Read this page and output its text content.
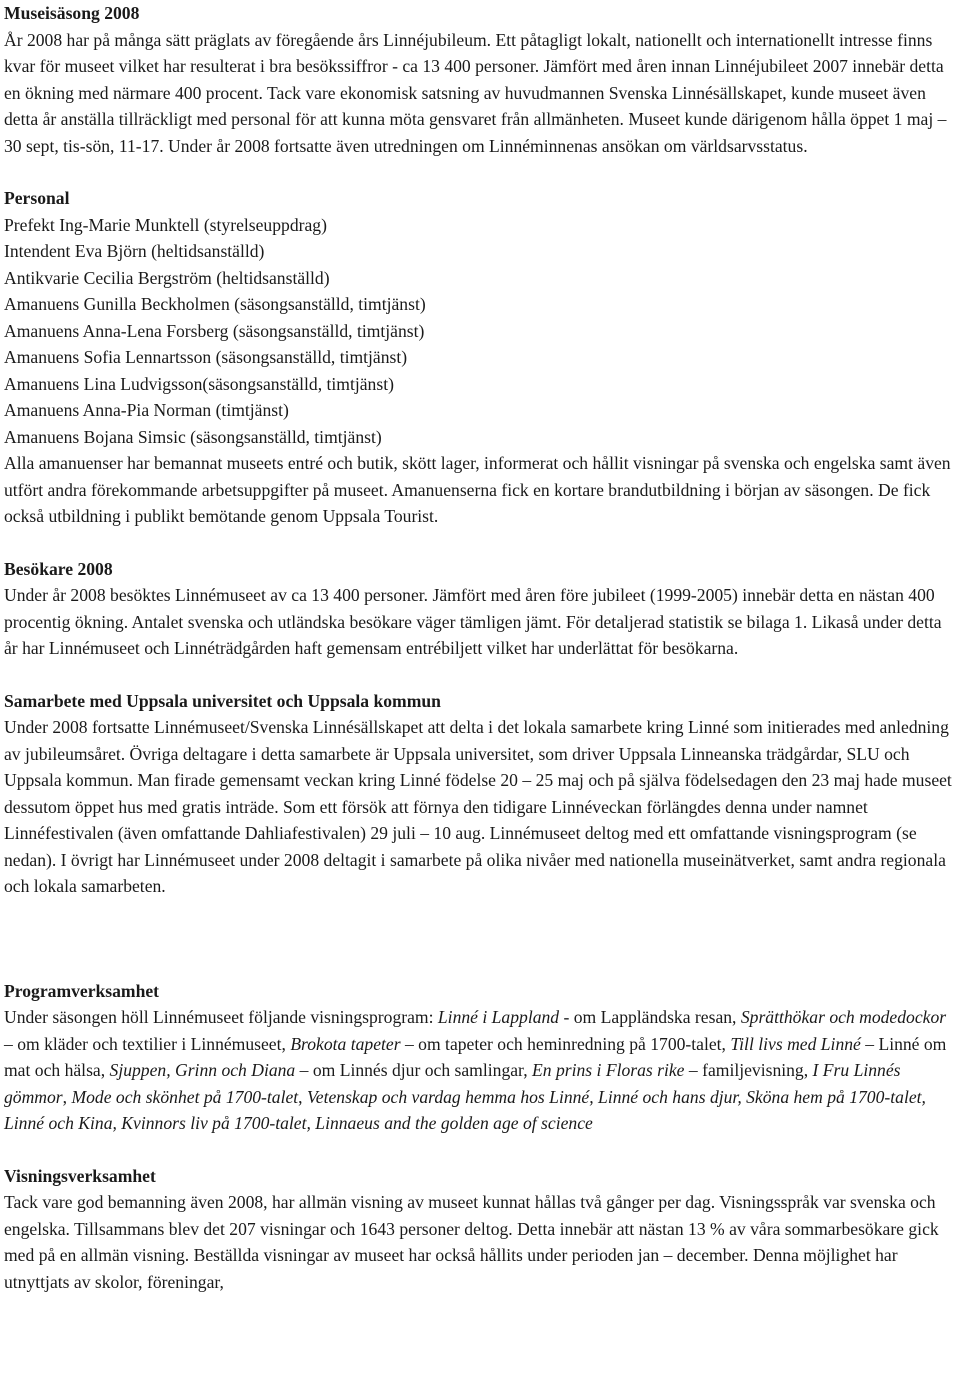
Museisäsong 2008

År 2008 har på många sätt präglats av föregående års Linnéjubileum. Ett påtagligt lokalt, nationellt och internationellt intresse finns kvar för museet vilket har resulterat i bra besökssiffror - ca 13 400 personer. Jämfört med åren innan Linnéjubileet 2007 innebär detta en ökning med närmare 400 procent. Tack vare ekonomisk satsning av huvudmannen Svenska Linnésällskapet, kunde museet även detta år anställa tillräckligt med personal för att kunna möta gensvaret från allmänheten. Museet kunde därigenom hålla öppet 1 maj – 30 sept, tis-sön, 11-17. Under år 2008 fortsatte även utredningen om Linnéminnenas ansökan om världsarvsstatus.

Personal
Prefekt Ing-Marie Munktell (styrelseuppdrag)
Intendent Eva Björn (heltidsanställd)
Antikvarie Cecilia Bergström (heltidsanställd)
Amanuens Gunilla Beckholmen (säsongsanställd, timtjänst)
Amanuens Anna-Lena Forsberg (säsongsanställd, timtjänst)
Amanuens Sofia Lennartsson (säsongsanställd, timtjänst)
Amanuens Lina Ludvigsson(säsongsanställd, timtjänst)
Amanuens Anna-Pia Norman (timtjänst)
Amanuens Bojana Simsic (säsongsanställd, timtjänst)

Alla amanuenser har bemannat museets entré och butik, skött lager, informerat och hållit visningar på svenska och engelska samt även utfört andra förekommande arbetsuppgifter på museet. Amanuenserna fick en kortare brandutbildning i början av säsongen. De fick också utbildning i publikt bemötande genom Uppsala Tourist.

Besökare 2008

Under år 2008 besöktes Linnémuseet av ca 13 400 personer. Jämfört med åren före jubileet (1999-2005) innebär detta en nästan 400 procentig ökning. Antalet svenska och utländska besökare väger tämligen jämt. För detaljerad statistik se bilaga 1. Likaså under detta år har Linnémuseet och Linnéträdgården haft gemensam entrébiljett vilket har underlättat för besökarna.

Samarbete med Uppsala universitet och Uppsala kommun

Under 2008 fortsatte Linnémuseet/Svenska Linnésällskapet att delta i det lokala samarbete kring Linné som initierades med anledning av jubileumsåret. Övriga deltagare i detta samarbete är Uppsala universitet, som driver Uppsala Linneanska trädgårdar, SLU och Uppsala kommun. Man firade gemensamt veckan kring Linné födelse 20 – 25 maj och på själva födelsedagen den 23 maj hade museet dessutom öppet hus med gratis inträde. Som ett försök att förnya den tidigare Linnéveckan förlängdes denna under namnet Linnéfestivalen (även omfattande Dahliafestivalen) 29 juli – 10 aug. Linnémuseet deltog med ett omfattande visningsprogram (se nedan). I övrigt har Linnémuseet under 2008 deltagit i samarbete på olika nivåer med nationella museinätverket, samt andra regionala och lokala samarbeten.

Programverksamhet

Under säsongen höll Linnémuseet följande visningsprogram: Linné i Lappland - om Lappländska resan, Sprätthökar och modedockor – om kläder och textilier i Linnémuseet, Brokota tapeter – om tapeter och heminredning på 1700-talet, Till livs med Linné – Linné om mat och hälsa, Sjuppen, Grinn och Diana – om Linnés djur och samlingar, En prins i Floras rike – familjevisning, I Fru Linnés gömmor, Mode och skönhet på 1700-talet, Vetenskap och vardag hemma hos Linné, Linné och hans djur, Sköna hem på 1700-talet, Linné och Kina, Kvinnors liv på 1700-talet, Linnaeus and the golden age of science

Visningsverksamhet

Tack vare god bemanning även 2008, har allmän visning av museet kunnat hållas två gånger per dag. Visningsspråk var svenska och engelska. Tillsammans blev det 207 visningar och 1643 personer deltog. Detta innebär att nästan 13 % av våra sommarbesökare gick med på en allmän visning. Beställda visningar av museet har också hållits under perioden jan – december. Denna möjlighet har utnyttjats av skolor, föreningar,
